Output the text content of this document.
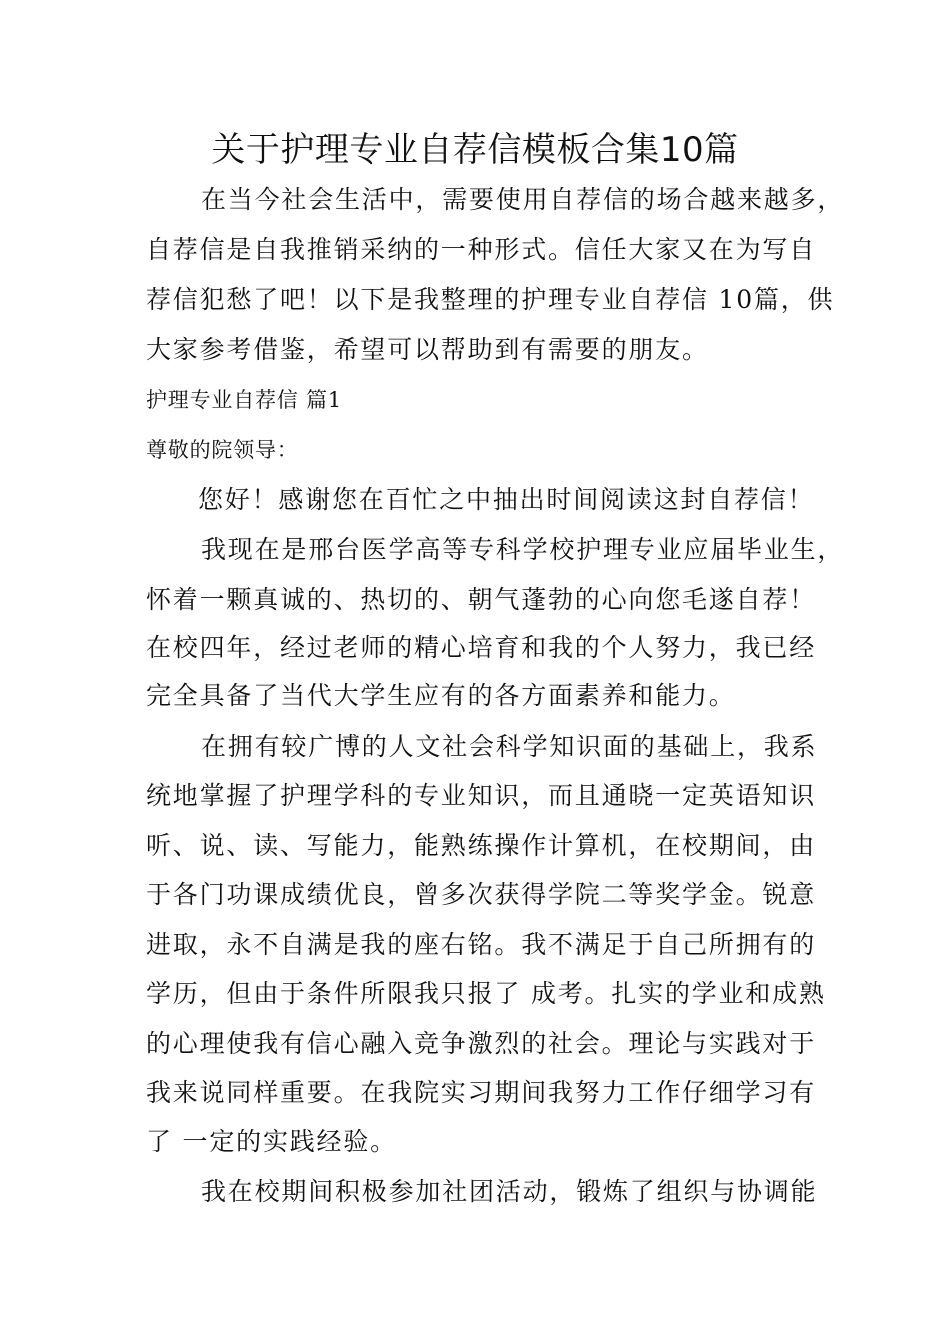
关于护理专业自荐信模板合集10篇
在当今社会生活中，需要使用自荐信的场合越来越多，
自荐信是自我推销采纳的一种形式。信任大家又在为写自
荐信犯愁了吧！以下是我整理的护理专业自荐信 10篇，供
大家参考借鉴，希望可以帮助到有需要的朋友。
护理专业自荐信 篇1
尊敬的院领导：
您好！感谢您在百忙之中抽出时间阅读这封自荐信！
我现在是邢台医学高等专科学校护理专业应届毕业生，
怀着一颗真诚的、热切的、朝气蓬勃的心向您毛遂自荐！
在校四年，经过老师的精心培育和我的个人努力，我已经
完全具备了当代大学生应有的各方面素养和能力。
在拥有较广博的人文社会科学知识面的基础上，我系
统地掌握了护理学科的专业知识，而且通晓一定英语知识
听、说、读、写能力，能熟练操作计算机，在校期间，由
于各门功课成绩优良，曾多次获得学院二等奖学金。锐意
进取，永不自满是我的座右铭。我不满足于自己所拥有的
学历，但由于条件所限我只报了 成考。扎实的学业和成熟
的心理使我有信心融入竞争激烈的社会。理论与实践对于
我来说同样重要。在我院实习期间我努力工作仔细学习有
了 一定的实践经验。
我在校期间积极参加社团活动，锻炼了组织与协调能
